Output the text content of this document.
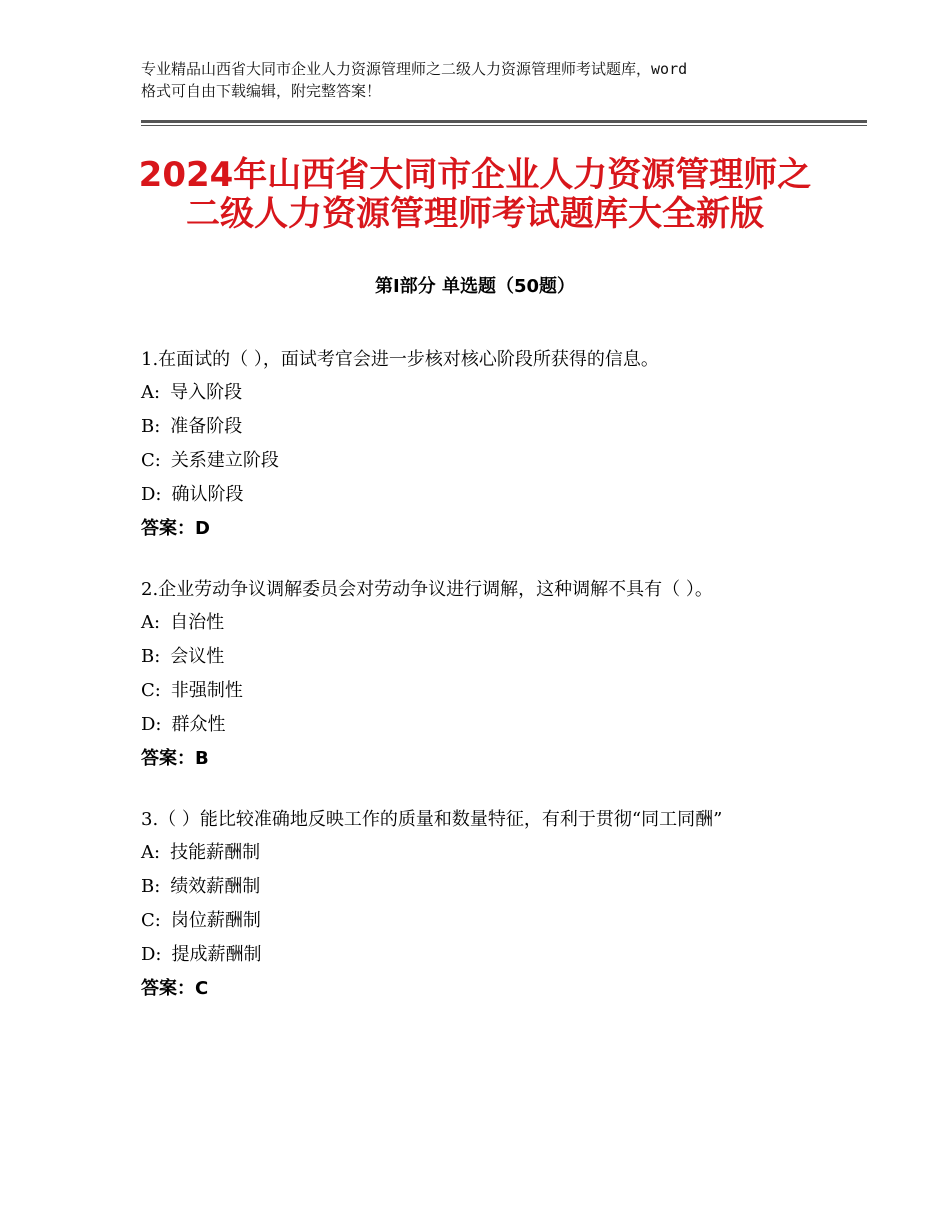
专业精品山西省大同市企业人力资源管理师之二级人力资源管理师考试题库，word
格式可自由下载编辑，附完整答案！
2024年山西省大同市企业人力资源管理师之
二级人力资源管理师考试题库大全新版
第Ⅰ部分 单选题（50题）
1.在面试的（ ），面试考官会进一步核对核心阶段所获得的信息。
A: 导入阶段
B: 准备阶段
C: 关系建立阶段
D: 确认阶段
答案：D
2.企业劳动争议调解委员会对劳动争议进行调解，这种调解不具有（ ）。
A: 自治性
B: 会议性
C: 非强制性
D: 群众性
答案：B
3.（ ）能比较准确地反映工作的质量和数量特征，有利于贯彻“同工同酬”
A: 技能薪酬制
B: 绩效薪酬制
C: 岗位薪酬制
D: 提成薪酬制
答案：C
